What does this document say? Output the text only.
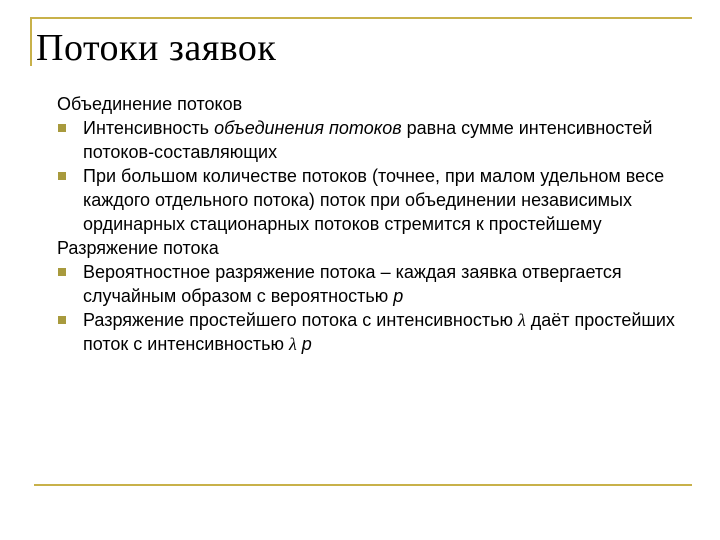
Потоки заявок
Объединение потоков
Интенсивность объединения потоков равна сумме интенсивностей потоков-составляющих
При большом количестве потоков (точнее, при малом удельном весе каждого отдельного потока) поток при объединении независимых ординарных стационарных потоков стремится к простейшему
Разряжение потока
Вероятностное разряжение потока – каждая заявка отвергается случайным образом с вероятностью p
Разряжение простейшего потока с интенсивностью λ даёт простейших поток с интенсивностью λ p
